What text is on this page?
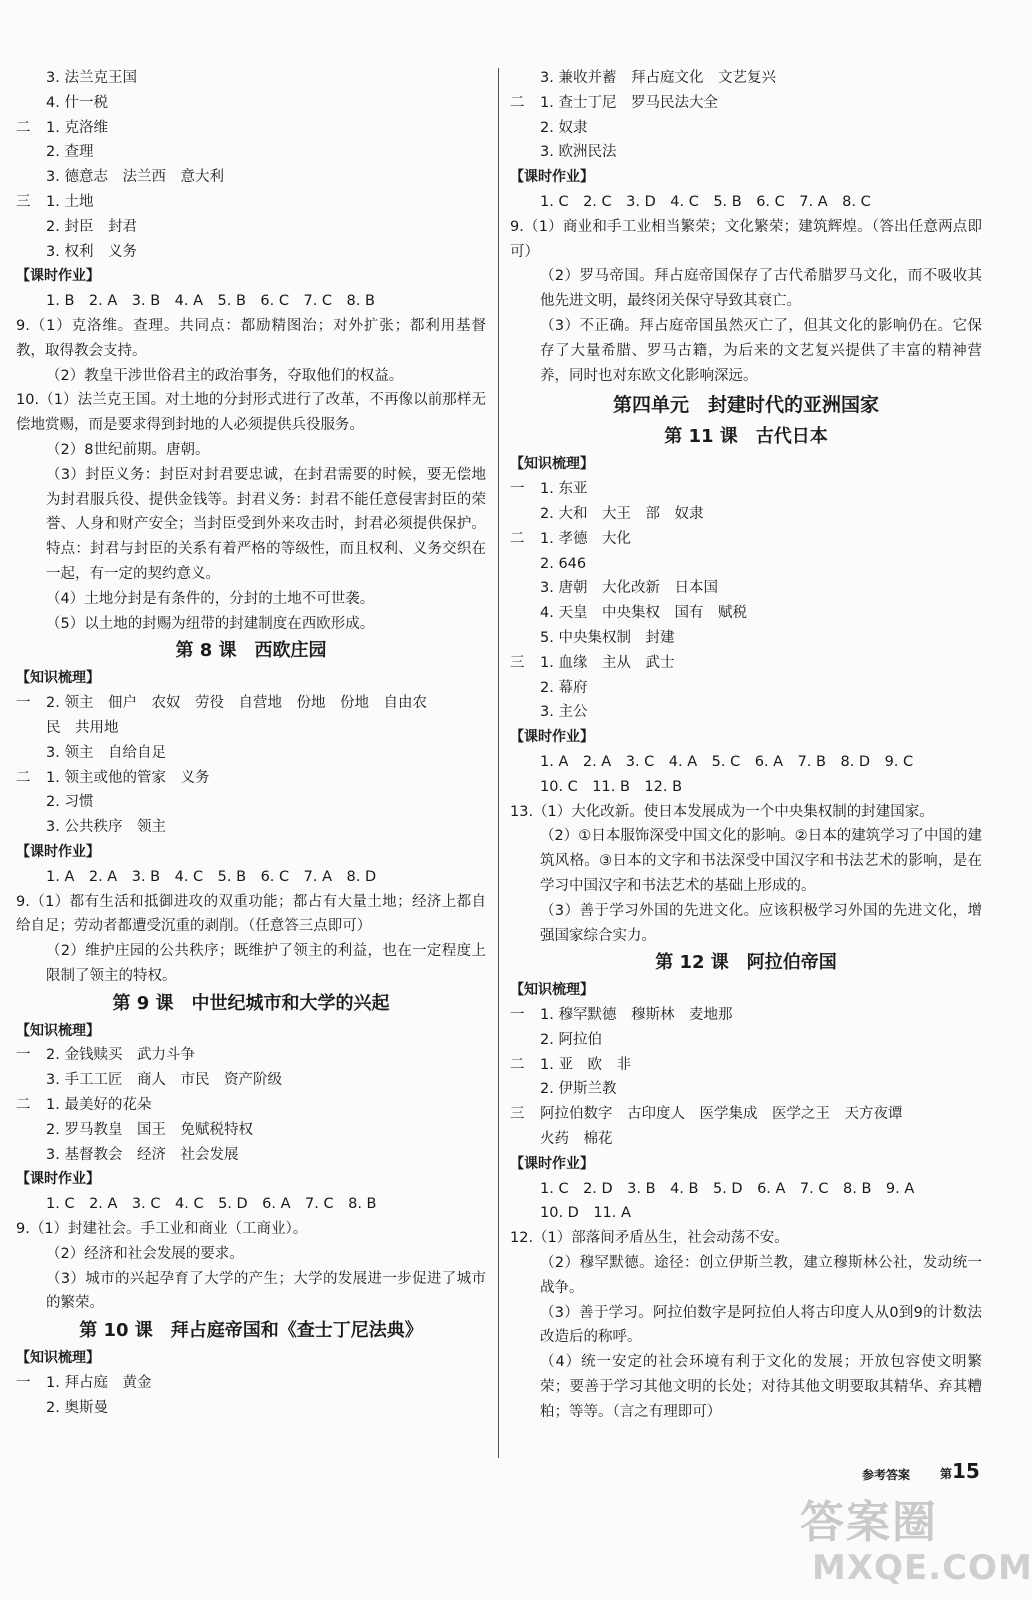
3. 法兰克王国
4. 什一税
二 1. 克洛维
2. 查理
3. 德意志　法兰西　意大利
三 1. 土地
2. 封臣　封君
3. 权利　义务
【课时作业】
1. B　2. A　3. B　4. A　5. B　6. C　7. C　8. B
9.（1）克洛维。查理。共同点：都励精图治；对外扩张；都利用基督教，取得教会支持。
（2）教皇干涉世俗君主的政治事务，夺取他们的权益。
10.（1）法兰克王国。对土地的分封形式进行了改革，不再像以前那样无偿地赏赐，而是要求得到封地的人必须提供兵役服务。
（2）8世纪前期。唐朝。
（3）封臣义务：封臣对封君要忠诚，在封君需要的时候，要无偿地为封君服兵役、提供金钱等。封君义务：封君不能任意侵害封臣的荣誉、人身和财产安全；当封臣受到外来攻击时，封君必须提供保护。特点：封君与封臣的关系有着严格的等级性，而且权利、义务交织在一起，有一定的契约意义。
（4）土地分封是有条件的，分封的土地不可世袭。
（5）以土地的封赐为纽带的封建制度在西欧形成。
第 8 课　西欧庄园
【知识梳理】
一 2. 领主　佃户　农奴　劳役　自营地　份地　份地　自由农
民　共用地
3. 领主　自给自足
二 1. 领主或他的管家　义务
2. 习惯
3. 公共秩序　领主
【课时作业】
1. A　2. A　3. B　4. C　5. B　6. C　7. A　8. D
9.（1）都有生活和抵御进攻的双重功能；都占有大量土地；经济上都自给自足；劳动者都遭受沉重的剥削。（任意答三点即可）
（2）维护庄园的公共秩序；既维护了领主的利益，也在一定程度上限制了领主的特权。
第 9 课　中世纪城市和大学的兴起
【知识梳理】
一 2. 金钱赎买　武力斗争
3. 手工工匠　商人　市民　资产阶级
二 1. 最美好的花朵
2. 罗马教皇　国王　免赋税特权
3. 基督教会　经济　社会发展
【课时作业】
1. C　2. A　3. C　4. C　5. D　6. A　7. C　8. B
9.（1）封建社会。手工业和商业（工商业）。
（2）经济和社会发展的要求。
（3）城市的兴起孕育了大学的产生；大学的发展进一步促进了城市的繁荣。
第 10 课　拜占庭帝国和《查士丁尼法典》
【知识梳理】
一 1. 拜占庭　黄金
2. 奥斯曼
3. 兼收并蓄　拜占庭文化　文艺复兴
二 1. 查士丁尼　罗马民法大全
2. 奴隶
3. 欧洲民法
【课时作业】
1. C　2. C　3. D　4. C　5. B　6. C　7. A　8. C
9.（1）商业和手工业相当繁荣；文化繁荣；建筑辉煌。（答出任意两点即可）
（2）罗马帝国。拜占庭帝国保存了古代希腊罗马文化，而不吸收其他先进文明，最终闭关保守导致其衰亡。
（3）不正确。拜占庭帝国虽然灭亡了，但其文化的影响仍在。它保存了大量希腊、罗马古籍，为后来的文艺复兴提供了丰富的精神营养，同时也对东欧文化影响深远。
第四单元　封建时代的亚洲国家
第 11 课　古代日本
【知识梳理】
一 1. 东亚
2. 大和　大王　部　奴隶
二 1. 孝德　大化
2. 646
3. 唐朝　大化改新　日本国
4. 天皇　中央集权　国有　赋税
5. 中央集权制　封建
三 1. 血缘　主从　武士
2. 幕府
3. 主公
【课时作业】
1. A　2. A　3. C　4. A　5. C　6. A　7. B　8. D　9. C
10. C　11. B　12. B
13.（1）大化改新。使日本发展成为一个中央集权制的封建国家。
（2）①日本服饰深受中国文化的影响。②日本的建筑学习了中国的建筑风格。③日本的文字和书法深受中国汉字和书法艺术的影响，是在学习中国汉字和书法艺术的基础上形成的。
（3）善于学习外国的先进文化。应该积极学习外国的先进文化，增强国家综合实力。
第 12 课　阿拉伯帝国
【知识梳理】
一 1. 穆罕默德　穆斯林　麦地那
2. 阿拉伯
二 1. 亚　欧　非
2. 伊斯兰教
三 阿拉伯数字　古印度人　医学集成　医学之王　天方夜谭
火药　棉花
【课时作业】
1. C　2. D　3. B　4. B　5. D　6. A　7. C　8. B　9. A
10. D　11. A
12.（1）部落间矛盾丛生，社会动荡不安。
（2）穆罕默德。途径：创立伊斯兰教，建立穆斯林公社，发动统一战争。
（3）善于学习。阿拉伯数字是阿拉伯人将古印度人从0到9的计数法改造后的称呼。
（4）统一安定的社会环境有利于文化的发展；开放包容使文明繁荣；要善于学习其他文明的长处；对待其他文明要取其精华、弃其糟粕；等等。（言之有理即可）
参考答案 第15
答案圈
MXQE.COM
